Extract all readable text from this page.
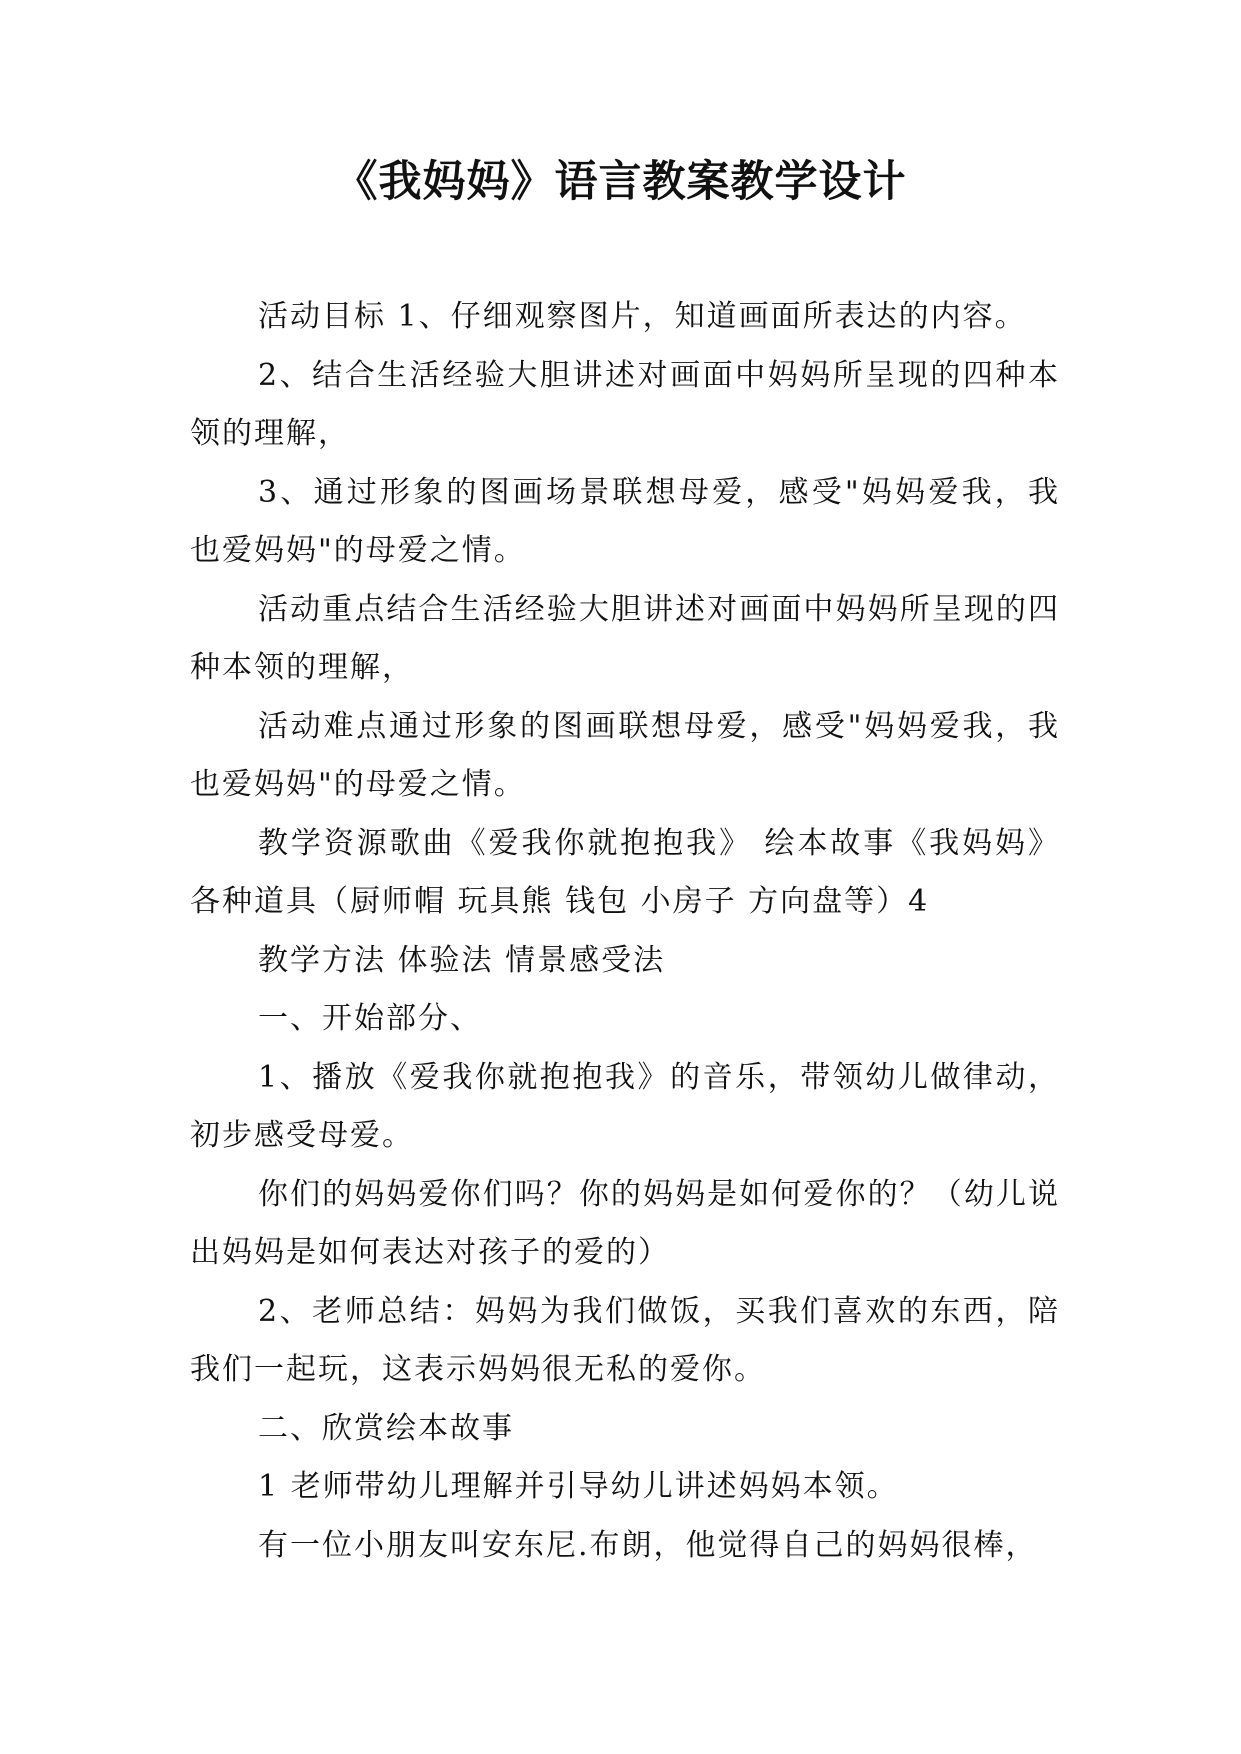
《我妈妈》语言教案教学设计

活动目标 1、仔细观察图片，知道画面所表达的内容。

2、结合生活经验大胆讲述对画面中妈妈所呈现的四种本领的理解，

3、通过形象的图画场景联想母爱，感受"妈妈爱我，我也爱妈妈"的母爱之情。

活动重点结合生活经验大胆讲述对画面中妈妈所呈现的四种本领的理解，

活动难点通过形象的图画联想母爱，感受"妈妈爱我，我也爱妈妈"的母爱之情。

教学资源歌曲《爱我你就抱抱我》 绘本故事《我妈妈》各种道具（厨师帽 玩具熊 钱包 小房子 方向盘等）4

教学方法 体验法 情景感受法

一、开始部分、

1、播放《爱我你就抱抱我》的音乐，带领幼儿做律动，初步感受母爱。

你们的妈妈爱你们吗？你的妈妈是如何爱你的？（幼儿说出妈妈是如何表达对孩子的爱的）

2、老师总结：妈妈为我们做饭，买我们喜欢的东西，陪我们一起玩，这表示妈妈很无私的爱你。

二、欣赏绘本故事

1 老师带幼儿理解并引导幼儿讲述妈妈本领。

有一位小朋友叫安东尼.布朗，他觉得自己的妈妈很棒，
